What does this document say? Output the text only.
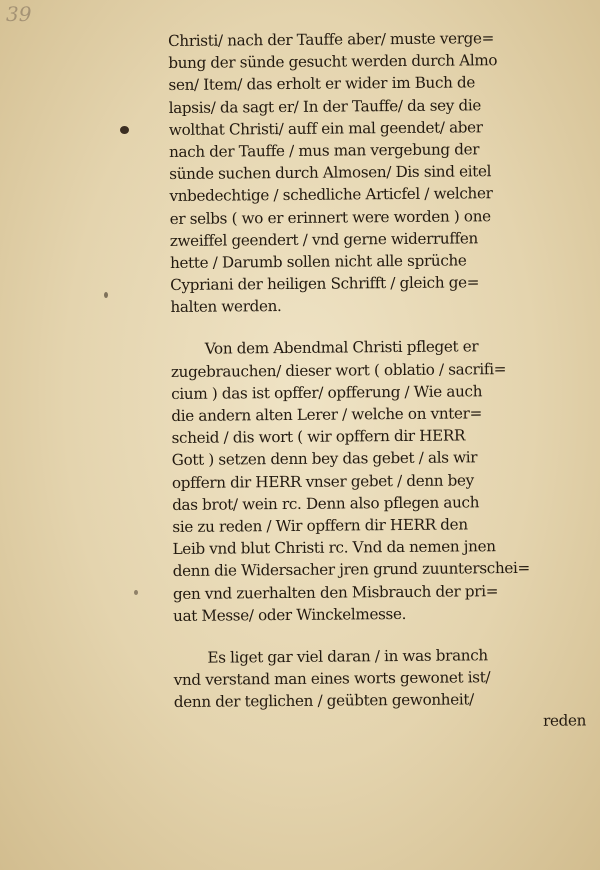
39
Christi/ nach der Tauffe aber/ muste verge=
bung der sünde gesucht werden durch Almo
sen/ Item/ das erholt er wider im Buch de
lapsis/ da sagt er/ In der Tauffe/ da sey die
wolthat Christi/ auff ein mal geendet/ aber
nach der Tauffe / mus man vergebung der
sünde suchen durch Almosen/ Dis sind eitel
vnbedechtige / schedliche Articfel / welcher
er selbs ( wo er erinnert were worden ) one
zweiffel geendert / vnd gerne widerruffen
hette / Darumb sollen nicht alle sprüche
Cypriani der heiligen Schrifft / gleich ge=
halten werden.
Von dem Abendmal Christi pfleget er
zugebrauchen/ dieser wort ( oblatio / sacrifi=
cium ) das ist opffer/ opfferung / Wie auch
die andern alten Lerer / welche on vnter=
scheid / dis wort ( wir opffern dir HERR
Gott ) setzen denn bey das gebet / als wir
opffern dir HERR vnser gebet / denn bey
das brot/ wein rc. Denn also pflegen auch
sie zu reden / Wir opffern dir HERR den
Leib vnd blut Christi rc. Vnd da nemen jnen
denn die Widersacher jren grund zuunterschei=
gen vnd zuerhalten den Misbrauch der pri=
uat Messe/ oder Winckelmesse.
Es liget gar viel daran / in was branch
vnd verstand man eines worts gewonet ist/
denn der teglichen / geübten gewonheit/
reden
